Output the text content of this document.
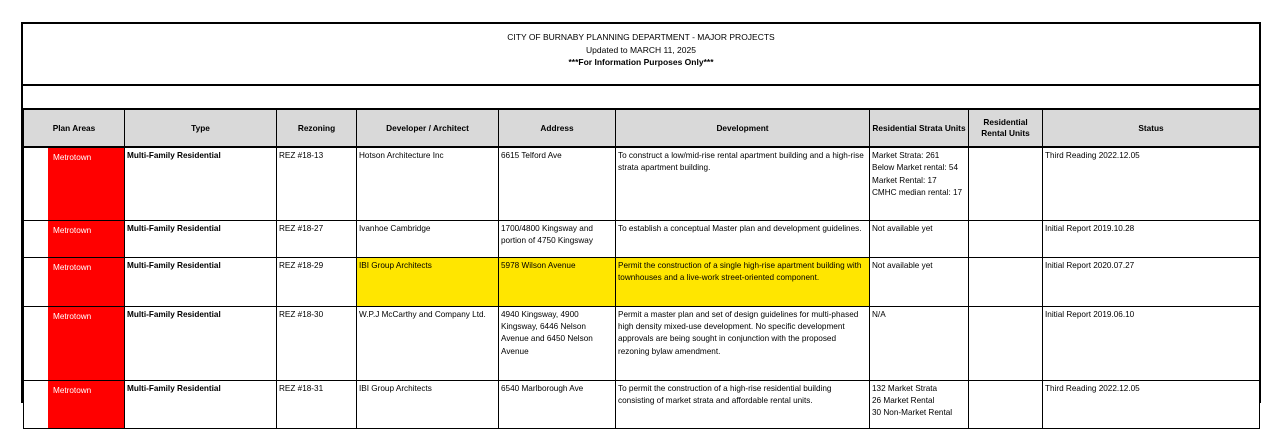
CITY OF BURNABY PLANNING DEPARTMENT - MAJOR PROJECTS
Updated to MARCH 11, 2025
***For Information Purposes Only***
Plan Areas	Type	Rezoning	Developer / Architect	Address	Development	Residential Strata Units	Residential Rental Units	Status

Metrotown	Multi-Family Residential	REZ #18-13	Hotson Architecture Inc	6615 Telford Ave	To construct a low/mid-rise rental apartment building and a high-rise strata apartment building.	Market Strata: 261
Below Market rental: 54
Market Rental: 17
CMHC median rental: 17		Third Reading 2022.12.05

Metrotown	Multi-Family Residential	REZ #18-27	Ivanhoe Cambridge	1700/4800 Kingsway and portion of 4750 Kingsway	To establish a conceptual Master plan and development guidelines.	Not available yet		Initial Report 2019.10.28

Metrotown	Multi-Family Residential	REZ #18-29	IBI Group Architects	5978 Wilson Avenue	Permit the construction of a single high-rise apartment building with townhouses and a live-work street-oriented component.	Not available yet		Initial Report 2020.07.27

Metrotown	Multi-Family Residential	REZ #18-30	W.P.J McCarthy and Company Ltd.	4940 Kingsway, 4900 Kingsway, 6446 Nelson Avenue and 6450 Nelson Avenue	Permit a master plan and set of design guidelines for multi-phased high density mixed-use development. No specific development approvals are being sought in conjunction with the proposed rezoning bylaw amendment.	N/A		Initial Report 2019.06.10

Metrotown	Multi-Family Residential	REZ #18-31	IBI Group Architects	6540 Marlborough Ave	To permit the construction of a high-rise residential building consisting of market strata and affordable rental units.	132 Market Strata
26 Market Rental
30 Non-Market Rental		Third Reading 2022.12.05
